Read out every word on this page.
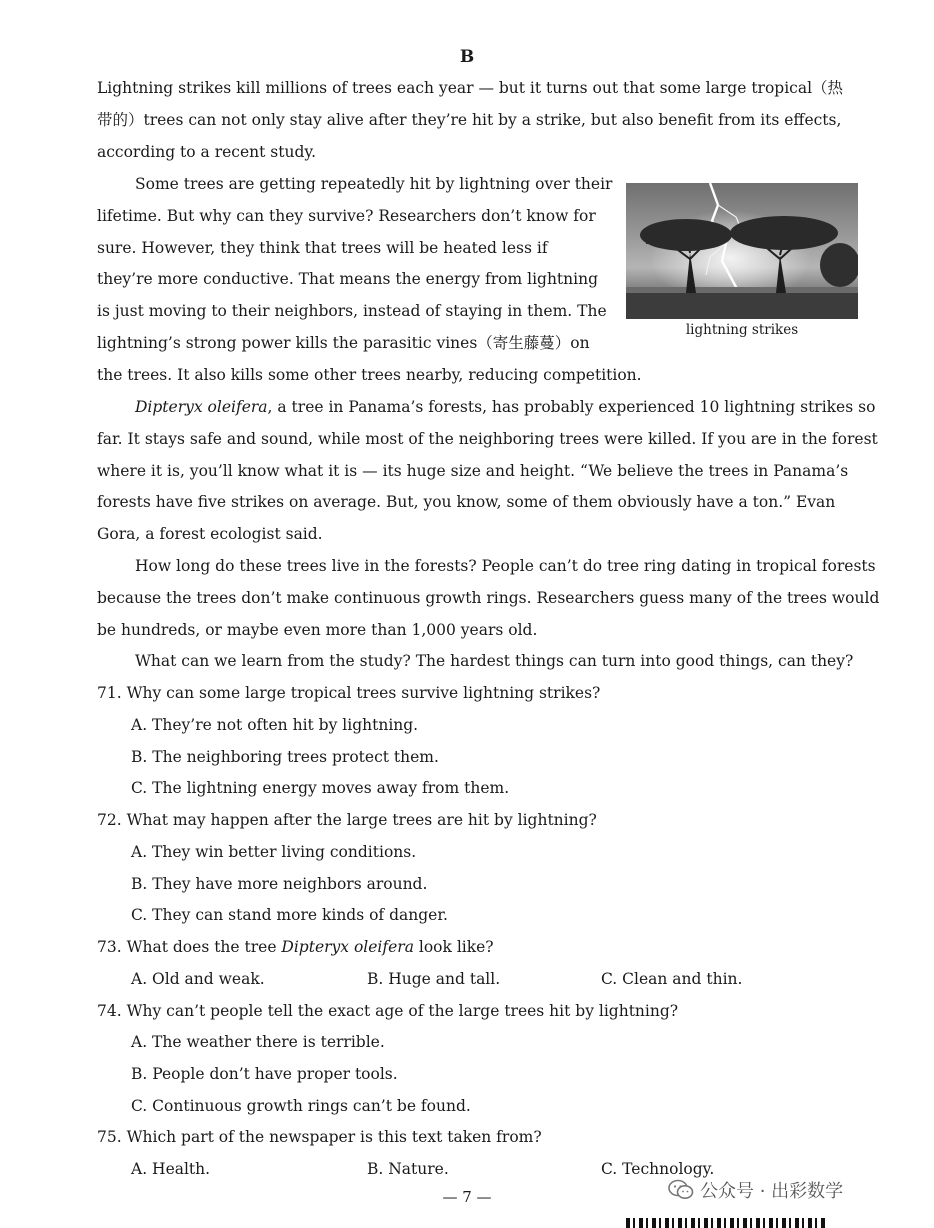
B
Lightning strikes kill millions of trees each year — but it turns out that some large tropical（热
带的）trees can not only stay alive after they’re hit by a strike, but also benefit from its effects,
according to a recent study.
Some trees are getting repeatedly hit by lightning over their
lifetime. But why can they survive? Researchers don’t know for
sure. However, they think that trees will be heated less if
they’re more conductive. That means the energy from lightning
is just moving to their neighbors, instead of staying in them. The
lightning’s strong power kills the parasitic vines（寄生藤蔓）on
the trees. It also kills some other trees nearby, reducing competition.
lightning strikes
Dipteryx oleifera, a tree in Panama’s forests, has probably experienced 10 lightning strikes so
far. It stays safe and sound, while most of the neighboring trees were killed. If you are in the forest
where it is, you’ll know what it is — its huge size and height. “We believe the trees in Panama’s
forests have five strikes on average. But, you know, some of them obviously have a ton.” Evan
Gora, a forest ecologist said.
How long do these trees live in the forests? People can’t do tree ring dating in tropical forests
because the trees don’t make continuous growth rings. Researchers guess many of the trees would
be hundreds, or maybe even more than 1,000 years old.
What can we learn from the study? The hardest things can turn into good things, can they?
71. Why can some large tropical trees survive lightning strikes?
A. They’re not often hit by lightning.
B. The neighboring trees protect them.
C. The lightning energy moves away from them.
72. What may happen after the large trees are hit by lightning?
A. They win better living conditions.
B. They have more neighbors around.
C. They can stand more kinds of danger.
73. What does the tree Dipteryx oleifera look like?
A. Old and weak.	B. Huge and tall.	C. Clean and thin.
74. Why can’t people tell the exact age of the large trees hit by lightning?
A. The weather there is terrible.
B. People don’t have proper tools.
C. Continuous growth rings can’t be found.
75. Which part of the newspaper is this text taken from?
A. Health.	B. Nature.	C. Technology.
— 7 —	公众号 · 出彩数学
